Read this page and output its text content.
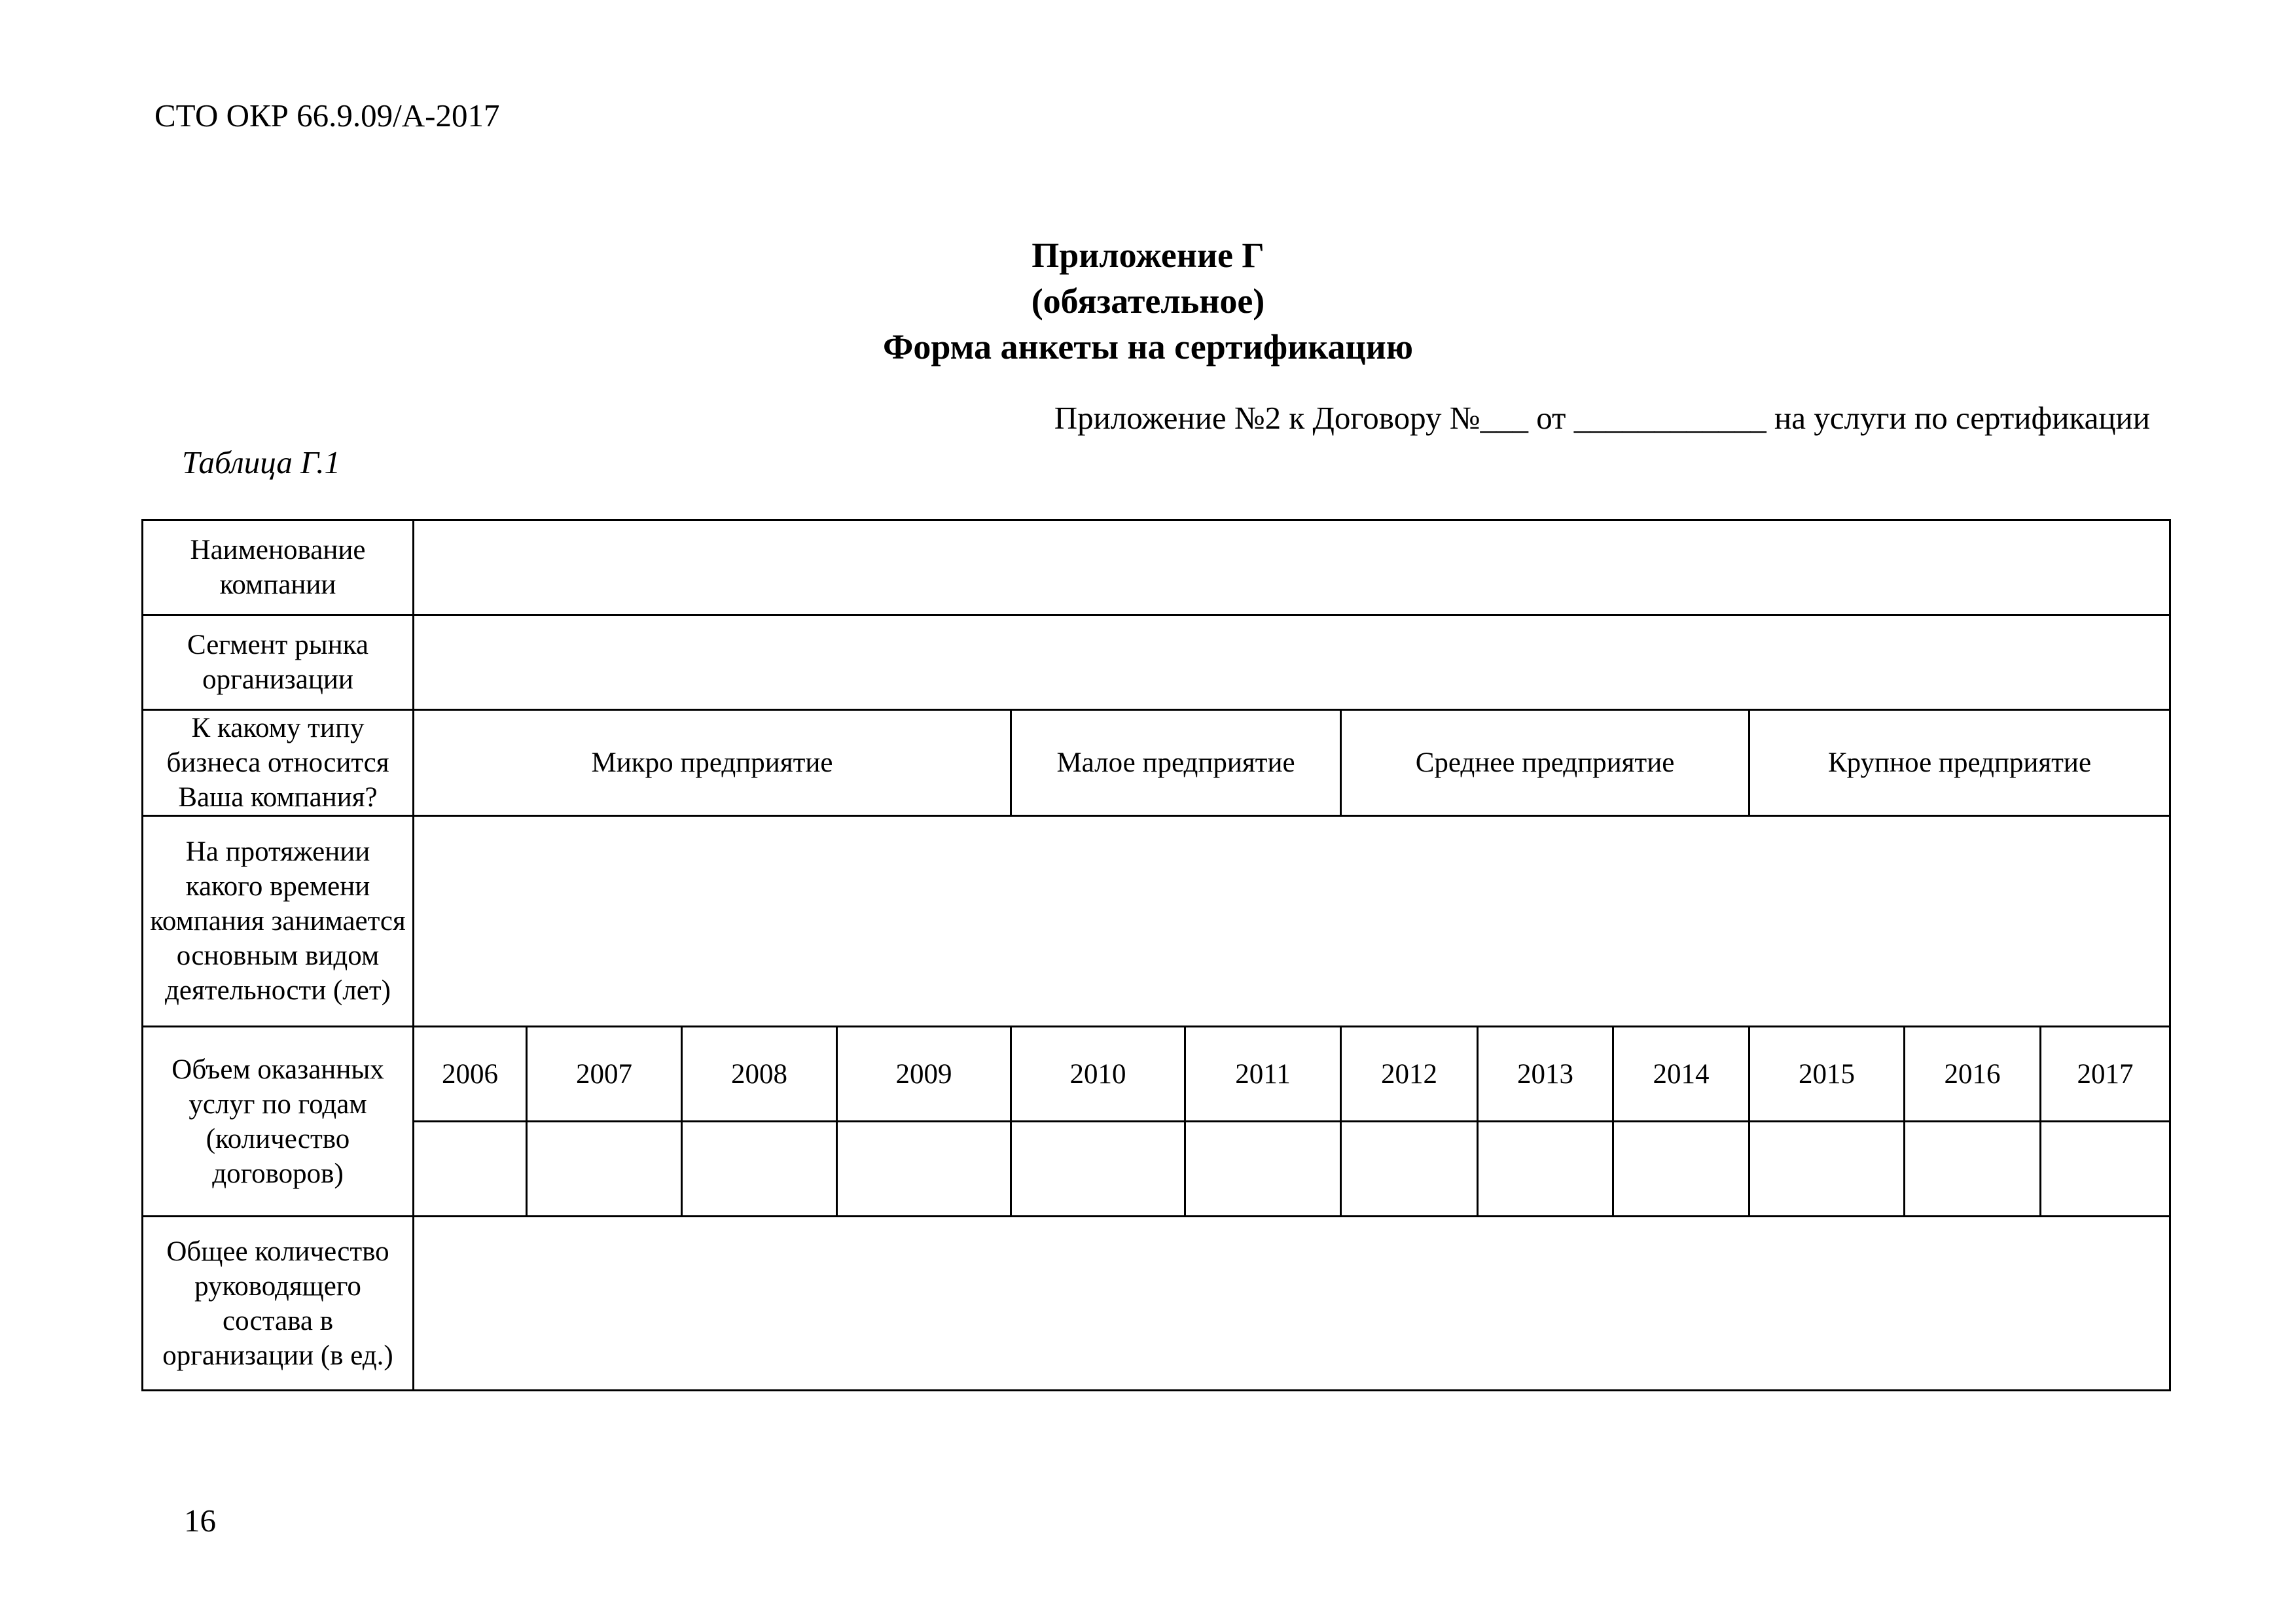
СТО ОКР 66.9.09/А-2017
Приложение Г
(обязательное)
Форма анкеты на сертификацию
Приложение №2 к Договору №___ от ____________ на услуги по сертификации
Таблица Г.1
Наименование компании												
Сегмент рынка организации												
К какому типу бизнеса относится Ваша компания?	Микро предприятие				Малое предприятие		Среднее предприятие			Крупное предприятие		
На протяжении какого времени компания занимается основным видом деятельности (лет)												
Объем оказанных услуг по годам (количество договоров)	2006	2007	2008	2009	2010	2011	2012	2013	2014	2015	2016	2017

Общее количество руководящего состава в организации (в ед.)												
16
